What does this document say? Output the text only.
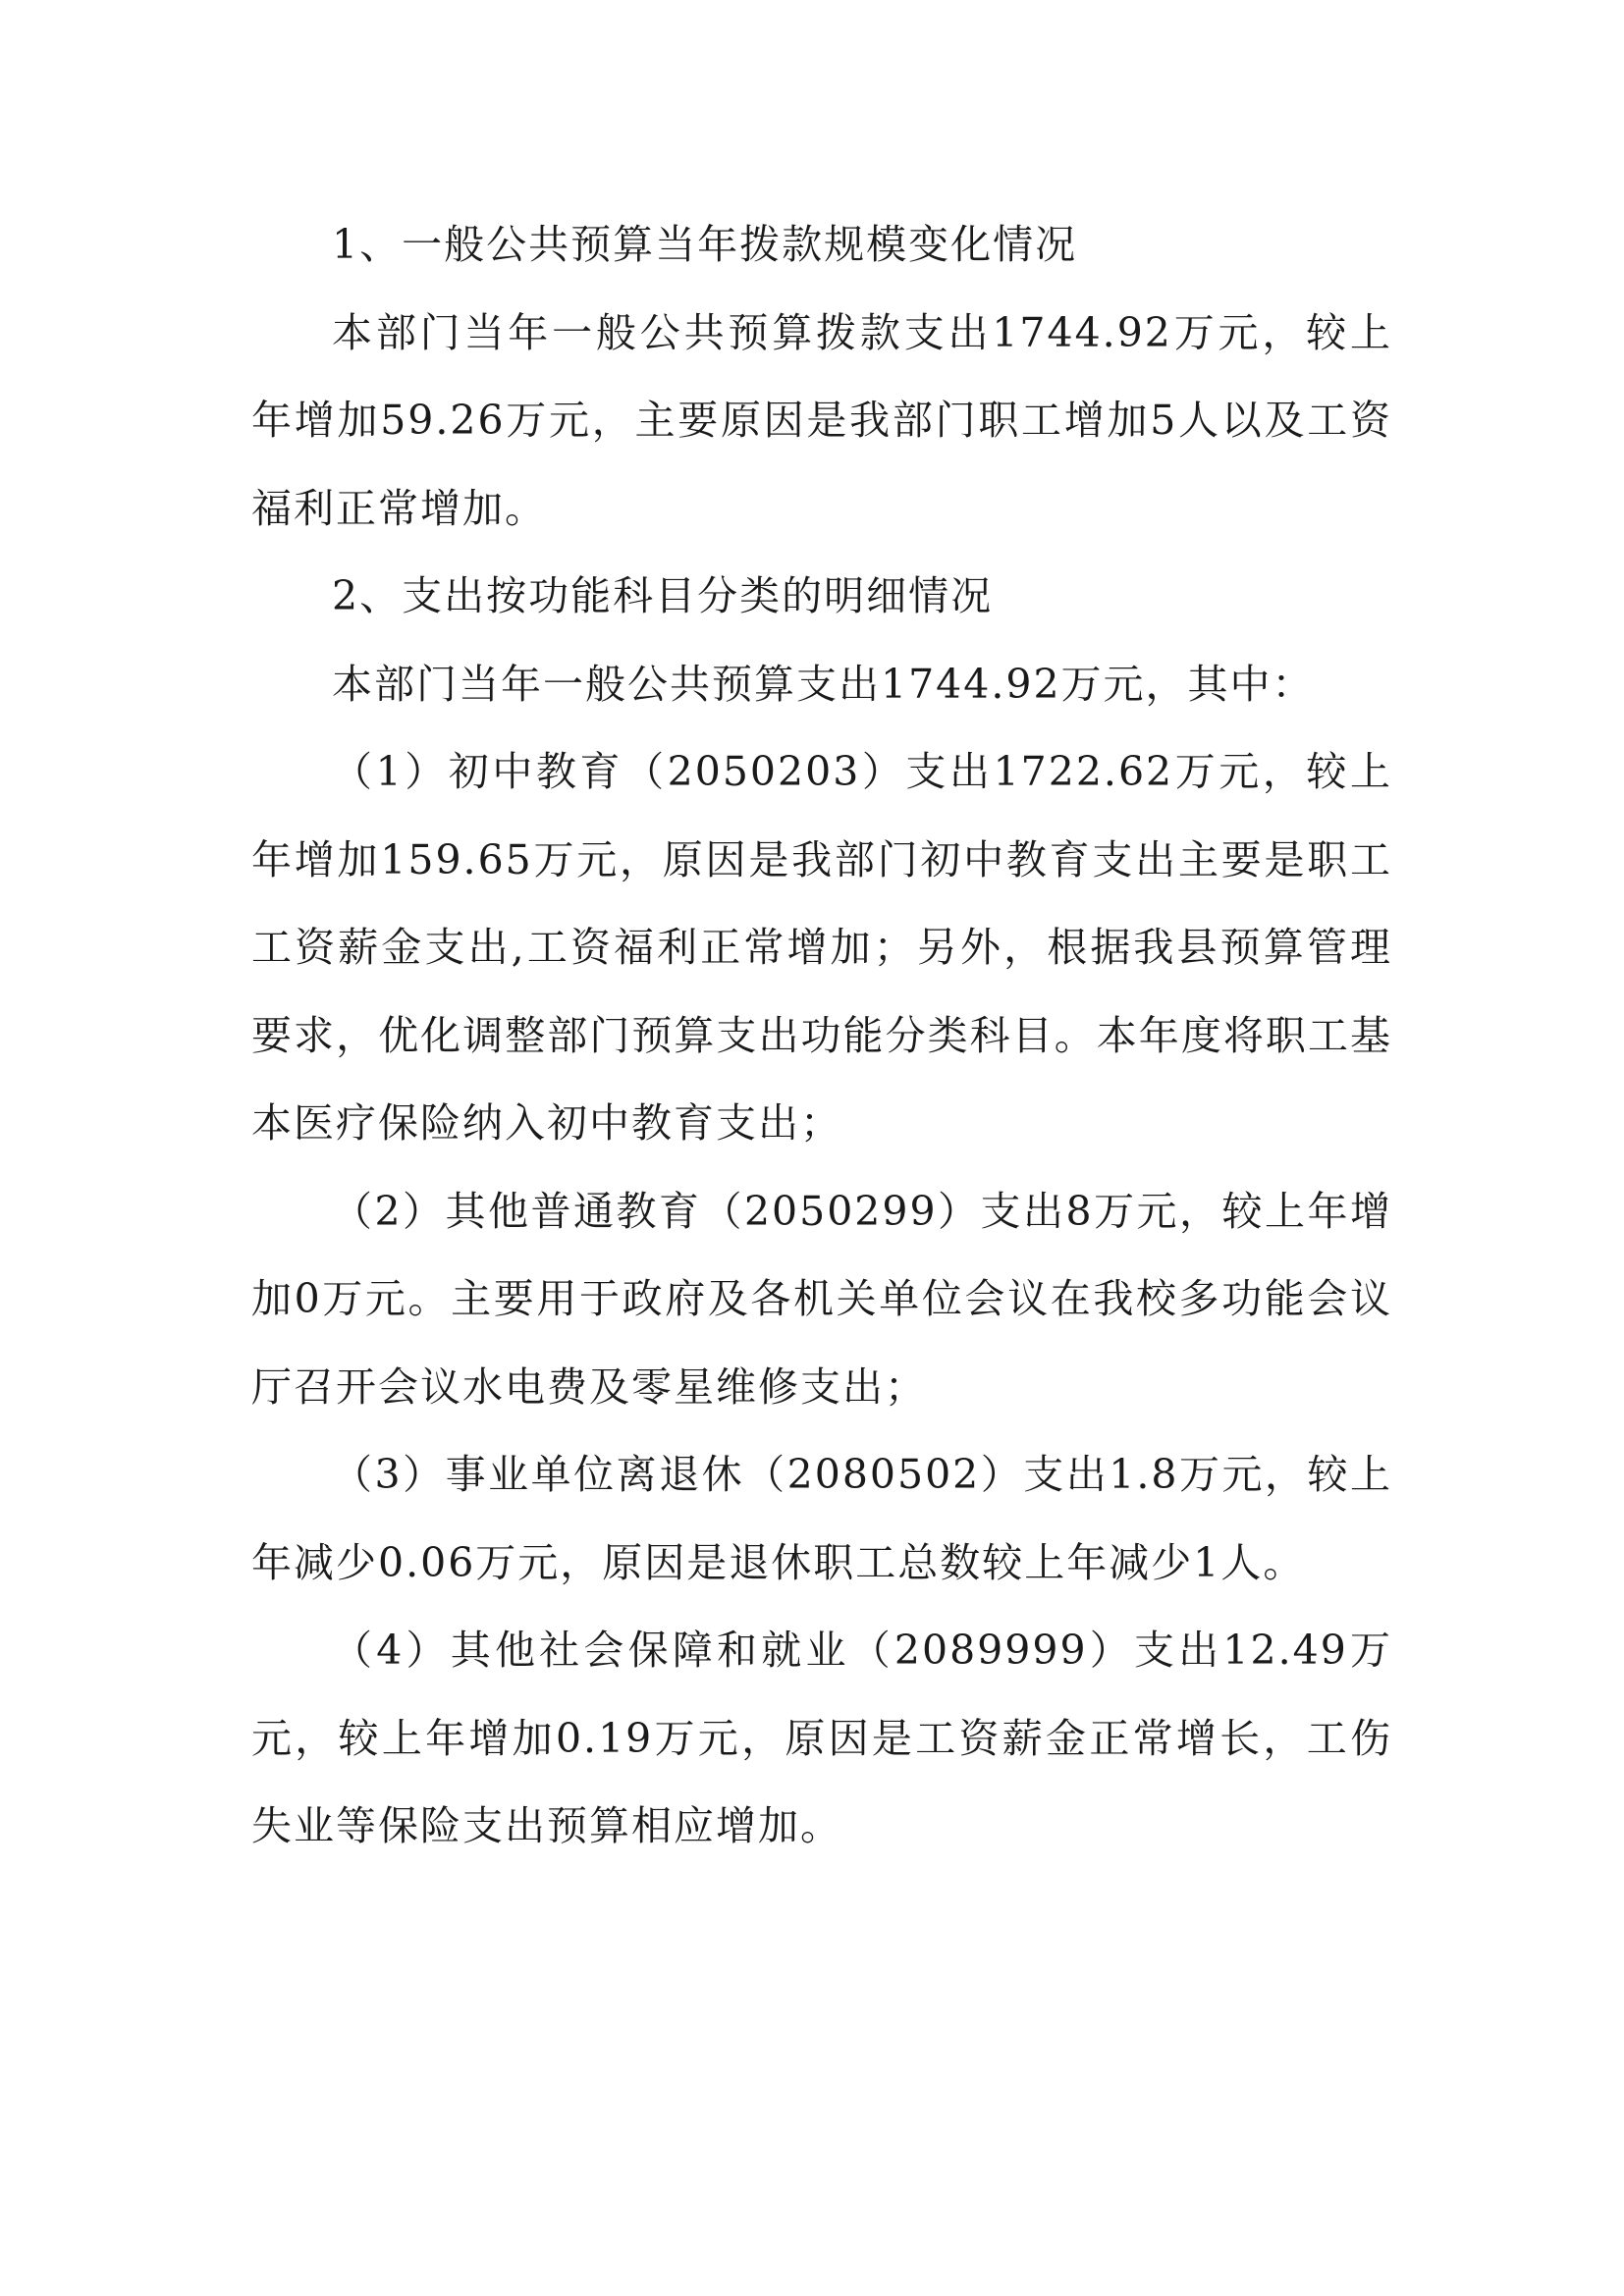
1、一般公共预算当年拨款规模变化情况

本部门当年一般公共预算拨款支出1744.92万元，较上年增加59.26万元，主要原因是我部门职工增加5人以及工资福利正常增加。

2、支出按功能科目分类的明细情况

本部门当年一般公共预算支出1744.92万元，其中：

（1）初中教育（2050203）支出1722.62万元，较上年增加159.65万元，原因是我部门初中教育支出主要是职工工资薪金支出,工资福利正常增加；另外，根据我县预算管理要求，优化调整部门预算支出功能分类科目。本年度将职工基本医疗保险纳入初中教育支出；

（2）其他普通教育（2050299）支出8万元，较上年增加0万元。主要用于政府及各机关单位会议在我校多功能会议厅召开会议水电费及零星维修支出；

（3）事业单位离退休（2080502）支出1.8万元，较上年减少0.06万元，原因是退休职工总数较上年减少1人。

（4）其他社会保障和就业（2089999）支出12.49万元，较上年增加0.19万元，原因是工资薪金正常增长，工伤失业等保险支出预算相应增加。
